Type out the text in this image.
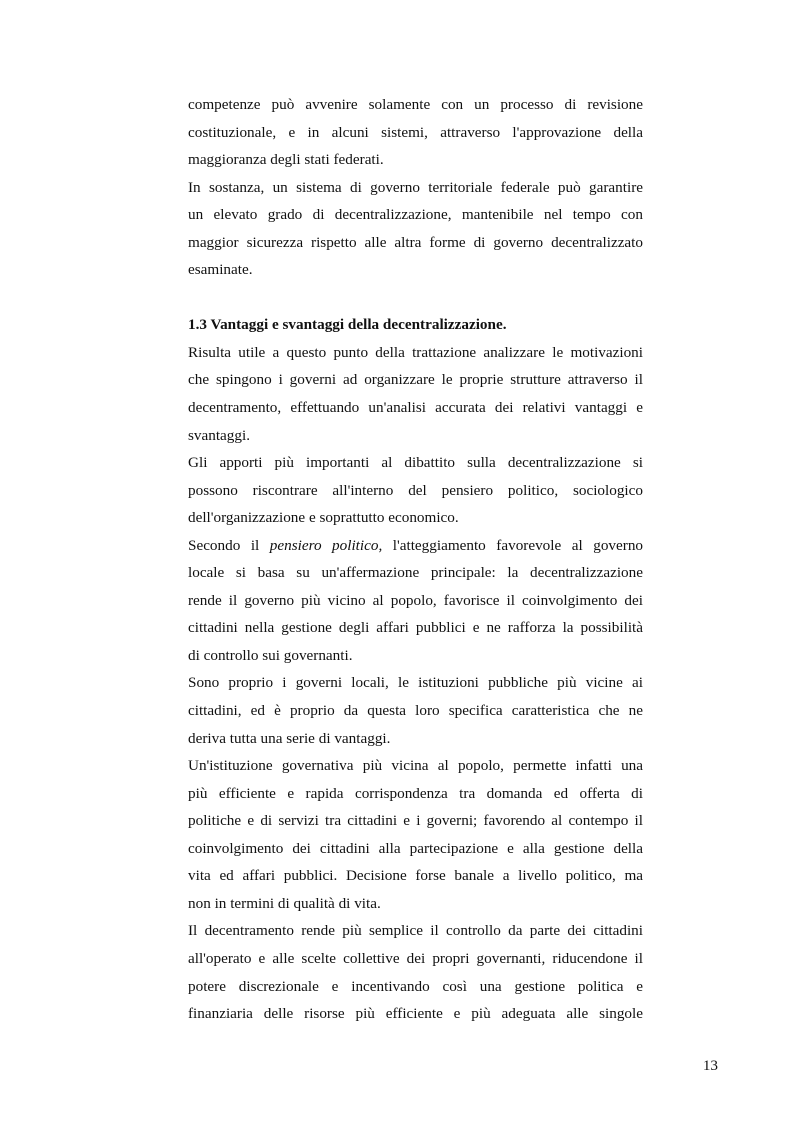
competenze può avvenire solamente con un processo di revisione
costituzionale, e in alcuni sistemi, attraverso l'approvazione della
maggioranza degli stati federati.
In sostanza, un sistema di governo territoriale federale può garantire
un elevato grado di decentralizzazione, mantenibile nel tempo con
maggior sicurezza rispetto alle altra forme di governo decentralizzato
esaminate.
1.3 Vantaggi e svantaggi della decentralizzazione.
Risulta utile a questo punto della trattazione analizzare le motivazioni
che spingono i governi ad organizzare le proprie strutture attraverso il
decentramento, effettuando un'analisi accurata dei relativi vantaggi e
svantaggi.
Gli apporti più importanti al dibattito sulla decentralizzazione si
possono riscontrare all'interno del pensiero politico, sociologico
dell'organizzazione e soprattutto economico.
Secondo il pensiero politico, l'atteggiamento favorevole al governo
locale si basa su un'affermazione principale: la decentralizzazione
rende il governo più vicino al popolo, favorisce il coinvolgimento dei
cittadini nella gestione degli affari pubblici e ne rafforza la possibilità
di controllo sui governanti.
Sono proprio i governi locali, le istituzioni pubbliche più vicine ai
cittadini, ed è proprio da questa loro specifica caratteristica che ne
deriva tutta una serie di vantaggi.
Un'istituzione governativa più vicina al popolo, permette infatti una
più efficiente e rapida corrispondenza tra domanda ed offerta di
politiche e di servizi tra cittadini e i governi; favorendo al contempo il
coinvolgimento dei cittadini alla partecipazione e alla gestione della
vita ed affari pubblici. Decisione forse banale a livello politico, ma
non in termini di qualità di vita.
Il decentramento rende più semplice il controllo da parte dei cittadini
all'operato e alle scelte collettive dei propri governanti, riducendone il
potere discrezionale e incentivando così una gestione politica e
finanziaria delle risorse più efficiente e più adeguata alle singole
13
